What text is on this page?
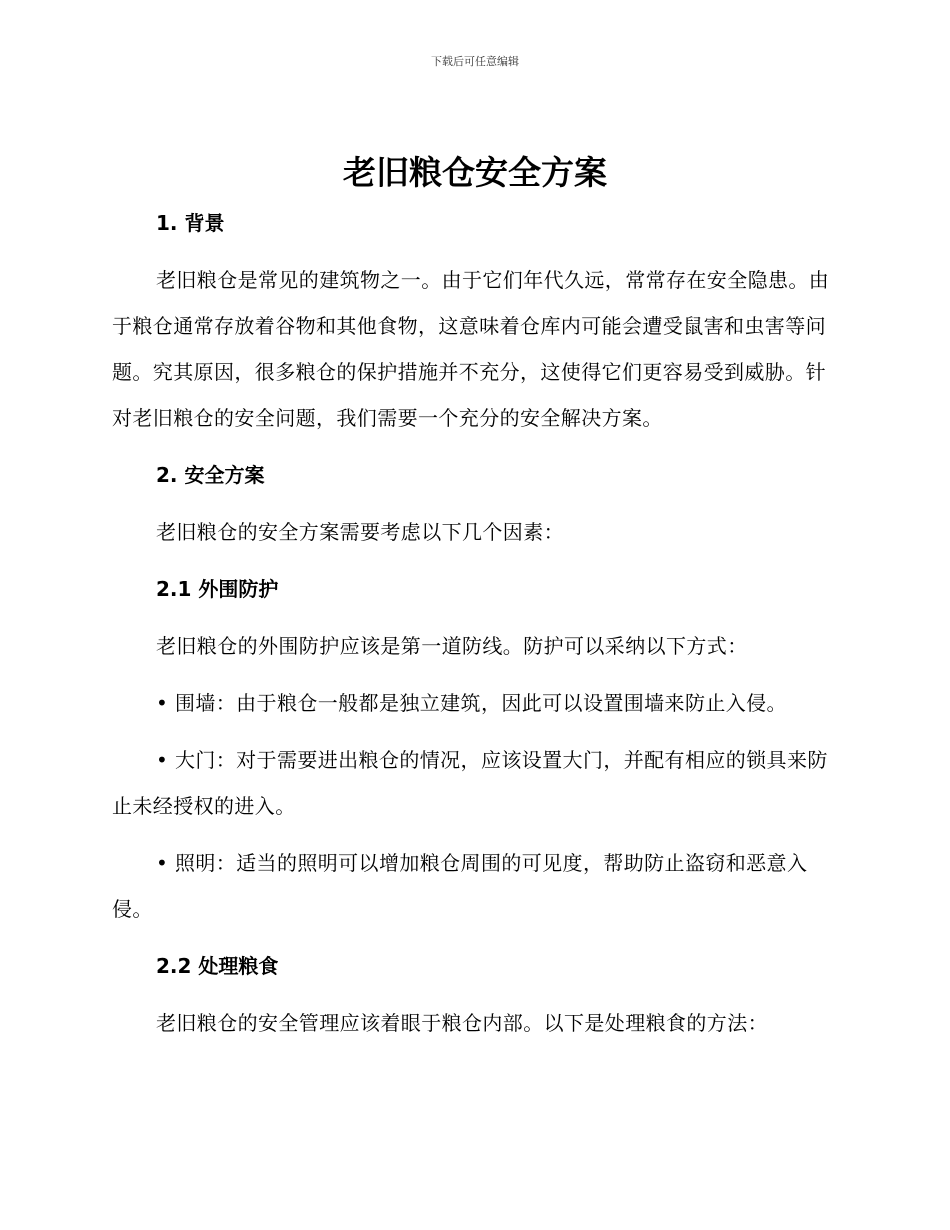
下载后可任意编辑
老旧粮仓安全方案
1. 背景

老旧粮仓是常见的建筑物之一。由于它们年代久远，常常存在安全隐患。由于粮仓通常存放着谷物和其他食物，这意味着仓库内可能会遭受鼠害和虫害等问题。究其原因，很多粮仓的保护措施并不充分，这使得它们更容易受到威胁。针对老旧粮仓的安全问题，我们需要一个充分的安全解决方案。

2. 安全方案

老旧粮仓的安全方案需要考虑以下几个因素：

2.1 外围防护

老旧粮仓的外围防护应该是第一道防线。防护可以采纳以下方式：

• 围墙：由于粮仓一般都是独立建筑，因此可以设置围墙来防止入侵。

• 大门：对于需要进出粮仓的情况，应该设置大门，并配有相应的锁具来防止未经授权的进入。

• 照明：适当的照明可以增加粮仓周围的可见度，帮助防止盗窃和恶意入侵。

2.2 处理粮食

老旧粮仓的安全管理应该着眼于粮仓内部。以下是处理粮食的方法：
